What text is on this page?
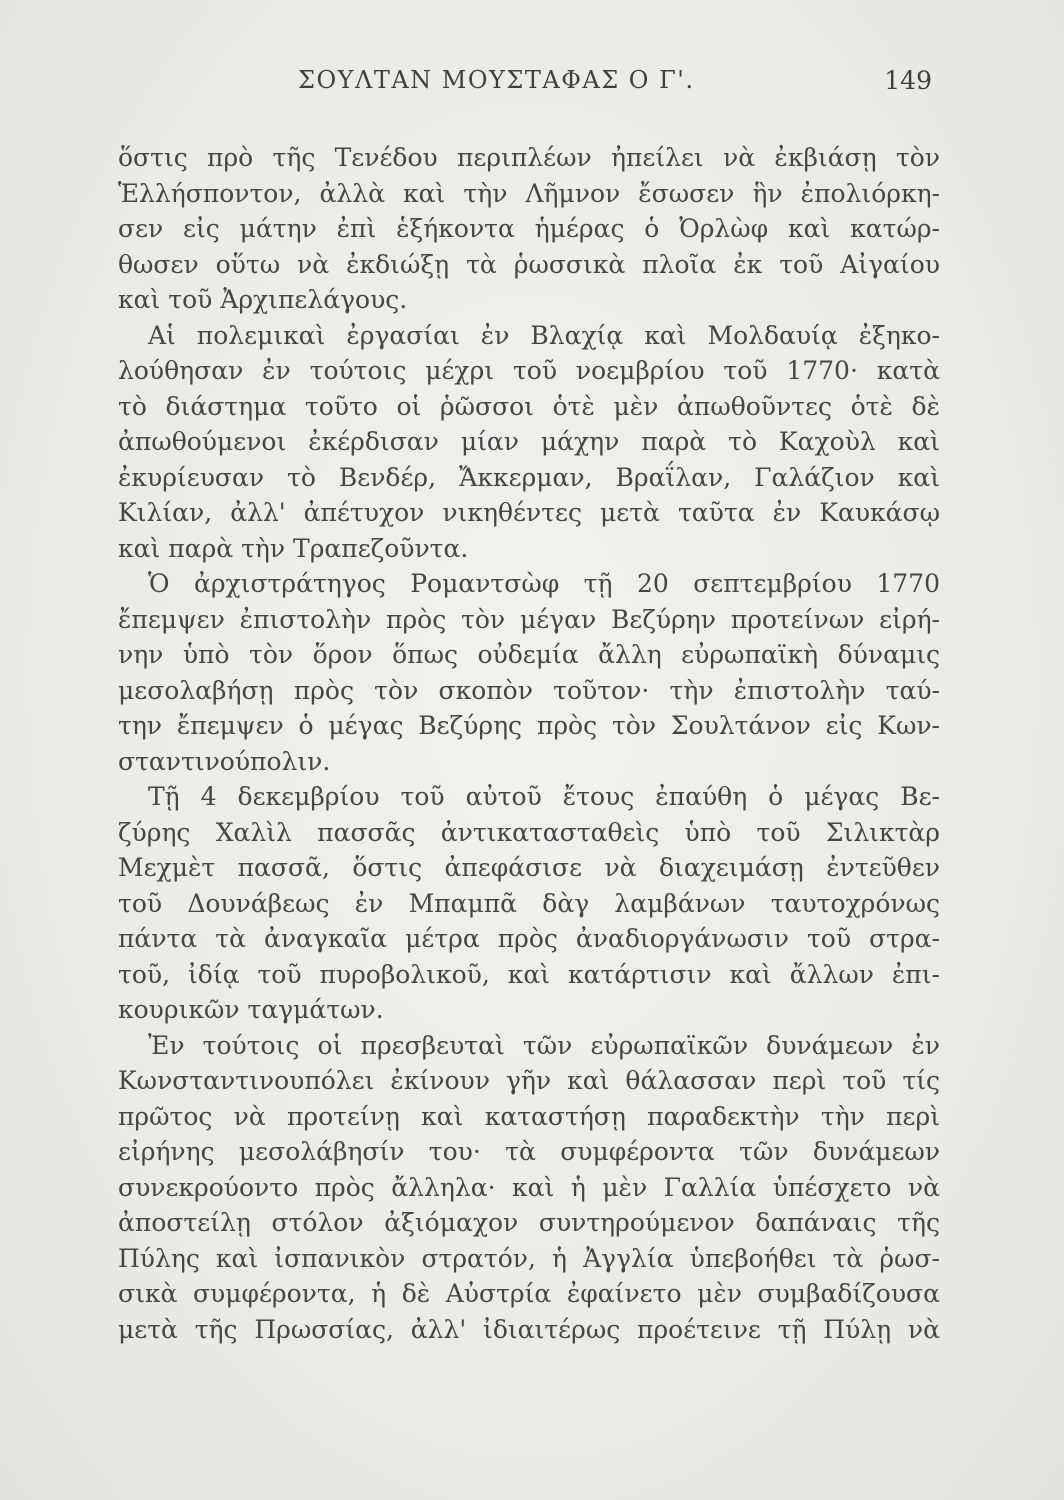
ΣΟΥΛΤΑΝ ΜΟΥΣΤΑΦΑΣ Ο Γ'.	149
ὅστις πρὸ τῆς Τενέδου περιπλέων ἠπείλει νὰ ἐκβιάσῃ τὸν
Ἑλλήσποντον, ἀλλὰ καὶ τὴν Λῆμνον ἔσωσεν ἣν ἐπολιόρκη-
σεν εἰς μάτην ἐπὶ ἑξήκοντα ἡμέρας ὁ Ὀρλὼφ καὶ κατώρ-
θωσεν οὕτω νὰ ἐκδιώξῃ τὰ ῥωσσικὰ πλοῖα ἐκ τοῦ Αἰγαίου
καὶ τοῦ Ἀρχιπελάγους.
Αἱ πολεμικαὶ ἐργασίαι ἐν Βλαχίᾳ καὶ Μολδαυίᾳ ἐξηκο-
λούθησαν ἐν τούτοις μέχρι τοῦ νοεμβρίου τοῦ 1770· κατὰ
τὸ διάστημα τοῦτο οἱ ῥῶσσοι ὁτὲ μὲν ἀπωθοῦντες ὁτὲ δὲ
ἀπωθούμενοι ἐκέρδισαν μίαν μάχην παρὰ τὸ Καχοὺλ καὶ
ἐκυρίευσαν τὸ Βενδέρ, Ἄκκερμαν, Βραΐλαν, Γαλάζιον καὶ
Κιλίαν, ἀλλ' ἀπέτυχον νικηθέντες μετὰ ταῦτα ἐν Καυκάσῳ
καὶ παρὰ τὴν Τραπεζοῦντα.
Ὁ ἀρχιστράτηγος Ρομαντσὼφ τῇ 20 σεπτεμβρίου 1770
ἔπεμψεν ἐπιστολὴν πρὸς τὸν μέγαν Βεζύρην προτείνων εἰρή-
νην ὑπὸ τὸν ὅρον ὅπως οὐδεμία ἄλλη εὐρωπαϊκὴ δύναμις
μεσολαβήσῃ πρὸς τὸν σκοπὸν τοῦτον· τὴν ἐπιστολὴν ταύ-
την ἔπεμψεν ὁ μέγας Βεζύρης πρὸς τὸν Σουλτάνον εἰς Κων-
σταντινούπολιν.
Τῇ 4 δεκεμβρίου τοῦ αὐτοῦ ἔτους ἐπαύθη ὁ μέγας Βε-
ζύρης Χαλὶλ πασσᾶς ἀντικατασταθεὶς ὑπὸ τοῦ Σιλικτὰρ
Μεχμὲτ πασσᾶ, ὅστις ἀπεφάσισε νὰ διαχειμάσῃ ἐντεῦθεν
τοῦ Δουνάβεως ἐν Μπαμπᾶ δὰγ λαμβάνων ταυτοχρόνως
πάντα τὰ ἀναγκαῖα μέτρα πρὸς ἀναδιοργάνωσιν τοῦ στρα-
τοῦ, ἰδίᾳ τοῦ πυροβολικοῦ, καὶ κατάρτισιν καὶ ἄλλων ἐπι-
κουρικῶν ταγμάτων.
Ἐν τούτοις οἱ πρεσβευταὶ τῶν εὐρωπαϊκῶν δυνάμεων ἐν
Κωνσταντινουπόλει ἐκίνουν γῆν καὶ θάλασσαν περὶ τοῦ τίς
πρῶτος νὰ προτείνῃ καὶ καταστήσῃ παραδεκτὴν τὴν περὶ
εἰρήνης μεσολάβησίν του· τὰ συμφέροντα τῶν δυνάμεων
συνεκρούοντο πρὸς ἄλληλα· καὶ ἡ μὲν Γαλλία ὑπέσχετο νὰ
ἀποστείλῃ στόλον ἀξιόμαχον συντηρούμενον δαπάναις τῆς
Πύλης καὶ ἰσπανικὸν στρατόν, ἡ Ἀγγλία ὑπεβοήθει τὰ ῥωσ-
σικὰ συμφέροντα, ἡ δὲ Αὐστρία ἐφαίνετο μὲν συμβαδίζουσα
μετὰ τῆς Πρωσσίας, ἀλλ' ἰδιαιτέρως προέτεινε τῇ Πύλῃ νὰ
